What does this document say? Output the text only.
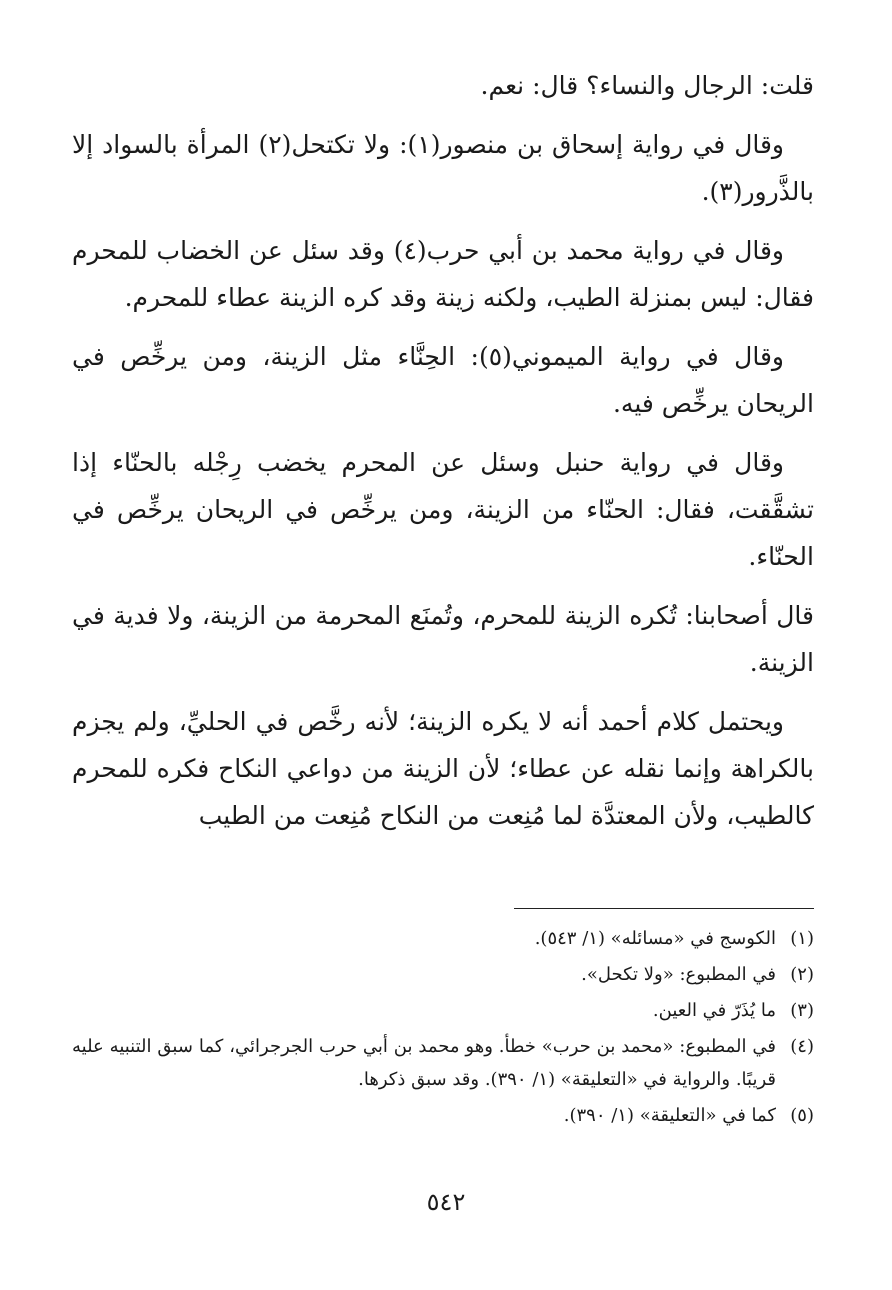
قلت: الرجال والنساء؟ قال: نعم.

وقال في رواية إسحاق بن منصور(١): ولا تكتحل(٢) المرأة بالسواد إلا بالذَّرور(٣).

وقال في رواية محمد بن أبي حرب(٤) وقد سئل عن الخضاب للمحرم فقال: ليس بمنزلة الطيب، ولكنه زينة وقد كره الزينة عطاء للمحرم.

وقال في رواية الميموني(٥): الحِنَّاء مثل الزينة، ومن يرخِّص في الريحان يرخِّص فيه.

وقال في رواية حنبل وسئل عن المحرم يخضب رِجْله بالحنّاء إذا تشقَّقت، فقال: الحنّاء من الزينة، ومن يرخِّص في الريحان يرخِّص في الحنّاء.

قال أصحابنا: تُكره الزينة للمحرم، وتُمنَع المحرمة من الزينة، ولا فدية في الزينة.

ويحتمل كلام أحمد أنه لا يكره الزينة؛ لأنه رخَّص في الحليِّ، ولم يجزم بالكراهة وإنما نقله عن عطاء؛ لأن الزينة من دواعي النكاح فكره للمحرم كالطيب، ولأن المعتدَّة لما مُنِعت من النكاح مُنِعت من الطيب

(١)
الكوسج في «مسائله» (١/ ٥٤٣).
(٢)
في المطبوع: «ولا تكحل».
(٣)
ما يُذَرّ في العين.
(٤)
في المطبوع: «محمد بن حرب» خطأ. وهو محمد بن أبي حرب الجرجرائي، كما سبق التنبيه عليه قريبًا. والرواية في «التعليقة» (١/ ٣٩٠). وقد سبق ذكرها.
(٥)
كما في «التعليقة» (١/ ٣٩٠).
٥٤٢
